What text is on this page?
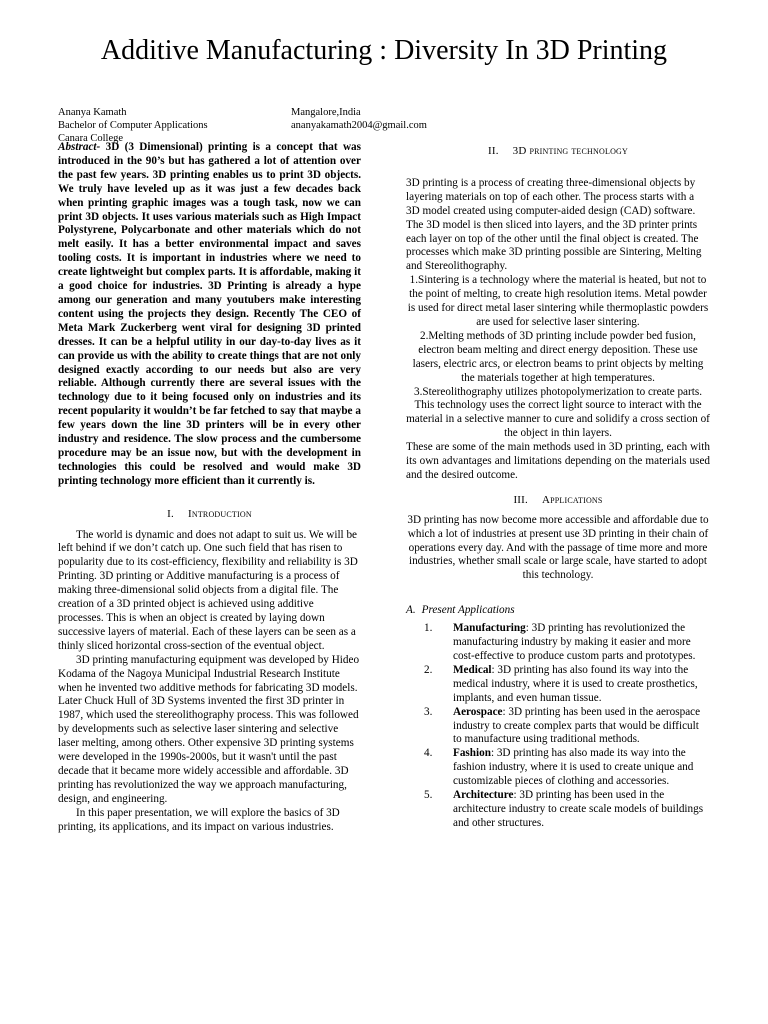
Additive Manufacturing : Diversity In 3D Printing
Ananya Kamath
Bachelor of Computer Applications
Canara College
Mangalore,India
ananyakamath2004@gmail.com

Abstract- 3D (3 Dimensional) printing is a concept that was introduced in the 90’s but has gathered a lot of attention over the past few years. 3D printing enables us to print 3D objects. We truly have leveled up as it was just a few decades back when printing graphic images was a tough task, now we can print 3D objects. It uses various materials such as High Impact Polystyrene, Polycarbonate and other materials which do not melt easily. It has a better environmental impact and saves tooling costs. It is important in industries where we need to create lightweight but complex parts. It is affordable, making it a good choice for industries. 3D Printing is already a hype among our generation and many youtubers make interesting content using the projects they design. Recently The CEO of Meta Mark Zuckerberg went viral for designing 3D printed dresses. It can be a helpful utility in our day-to-day lives as it can provide us with the ability to create things that are not only designed exactly according to our needs but also are very reliable. Although currently there are several issues with the technology due to it being focused only on industries and its recent popularity it wouldn’t be far fetched to say that maybe a few years down the line 3D printers will be in every other industry and residence. The slow process and the cumbersome procedure may be an issue now, but with the development in technologies this could be resolved and would make 3D printing technology more efficient than it currently is.

I. Introduction

The world is dynamic and does not adapt to suit us. We will be left behind if we don’t catch up. One such field that has risen to popularity due to its cost-efficiency, flexibility and reliability is 3D Printing. 3D printing or Additive manufacturing is a process of making three-dimensional solid objects from a digital file. The creation of a 3D printed object is achieved using additive processes. This is when an object is created by laying down successive layers of material. Each of these layers can be seen as a thinly sliced horizontal cross-section of the eventual object.

3D printing manufacturing equipment was developed by Hideo Kodama of the Nagoya Municipal Industrial Research Institute when he invented two additive methods for fabricating 3D models. Later Chuck Hull of 3D Systems invented the first 3D printer in 1987, which used the stereolithography process. This was followed by developments such as selective laser sintering and selective laser melting, among others. Other expensive 3D printing systems were developed in the 1990s-2000s, but it wasn't until the past decade that it became more widely accessible and affordable. 3D printing has revolutionized the way we approach manufacturing, design, and engineering.

In this paper presentation, we will explore the basics of 3D printing, its applications, and its impact on various industries.

II. 3D printing technology

3D printing is a process of creating three-dimensional objects by layering materials on top of each other. The process starts with a 3D model created using computer-aided design (CAD) software. The 3D model is then sliced into layers, and the 3D printer prints each layer on top of the other until the final object is created. The processes which make 3D printing possible are Sintering, Melting and Stereolithography.

1.Sintering is a technology where the material is heated, but not to the point of melting, to create high resolution items. Metal powder is used for direct metal laser sintering while thermoplastic powders are used for selective laser sintering.

2.Melting methods of 3D printing include powder bed fusion, electron beam melting and direct energy deposition. These use lasers, electric arcs, or electron beams to print objects by melting the materials together at high temperatures.

3.Stereolithography utilizes photopolymerization to create parts. This technology uses the correct light source to interact with the material in a selective manner to cure and solidify a cross section of the object in thin layers.

These are some of the main methods used in 3D printing, each with its own advantages and limitations depending on the materials used and the desired outcome.

III. Applications

3D printing has now become more accessible and affordable due to which a lot of industries at present use 3D printing in their chain of operations every day. And with the passage of time more and more industries, whether small scale or large scale, have started to adopt this technology.

A. Present Applications

1. Manufacturing: 3D printing has revolutionized the manufacturing industry by making it easier and more cost-effective to produce custom parts and prototypes.
2. Medical: 3D printing has also found its way into the medical industry, where it is used to create prosthetics, implants, and even human tissue.
3. Aerospace: 3D printing has been used in the aerospace industry to create complex parts that would be difficult to manufacture using traditional methods.
4. Fashion: 3D printing has also made its way into the fashion industry, where it is used to create unique and customizable pieces of clothing and accessories.
5. Architecture: 3D printing has been used in the architecture industry to create scale models of buildings and other structures.
